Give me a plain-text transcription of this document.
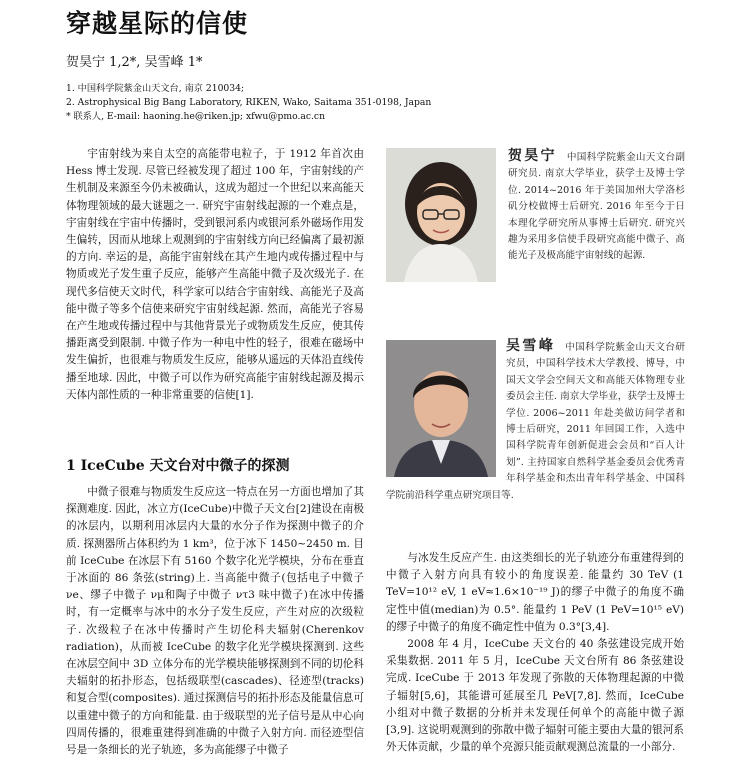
穿越星际的信使
贺昊宁 1,2*, 吴雪峰 1*
1. 中国科学院紫金山天文台, 南京 210034;
2. Astrophysical Big Bang Laboratory, RIKEN, Wako, Saitama 351-0198, Japan
* 联系人, E-mail: haoning.he@riken.jp; xfwu@pmo.ac.cn

宇宙射线为来自太空的高能带电粒子，于 1912 年首次由 Hess 博士发现. 尽管已经被发现了超过 100 年，宇宙射线的产生机制及来源至今仍未被确认，这成为超过一个世纪以来高能天体物理领域的最大谜题之一. 研究宇宙射线起源的一个难点是，宇宙射线在宇宙中传播时，受到银河系内或银河系外磁场作用发生偏转，因而从地球上观测到的宇宙射线方向已经偏离了最初源的方向. 幸运的是，高能宇宙射线在其产生地内或传播过程中与物质或光子发生重子反应，能够产生高能中微子及次级光子. 在现代多信使天文时代，科学家可以结合宇宙射线、高能光子及高能中微子等多个信使来研究宇宙射线起源. 然而，高能光子容易在产生地或传播过程中与其他背景光子或物质发生反应，使其传播距离受到限制. 中微子作为一种电中性的轻子，很难在磁场中发生偏折，也很难与物质发生反应，能够从遥远的天体沿直线传播至地球. 因此，中微子可以作为研究高能宇宙射线起源及揭示天体内部性质的一种非常重要的信使[1].

1 IceCube 天文台对中微子的探测

中微子很难与物质发生反应这一特点在另一方面也增加了其探测难度. 因此，冰立方(IceCube)中微子天文台[2]建设在南极的冰层内，以期利用冰层内大量的水分子作为探测中微子的介质. 探测器所占体积约为 1 km³，位于冰下 1450~2450 m. 目前 IceCube 在冰层下有 5160 个数字化光学模块，分布在垂直于冰面的 86 条弦(string)上. 当高能中微子(包括电子中微子 νe、缪子中微子 νμ和陶子中微子 ντ3 味中微子)在冰中传播时，有一定概率与冰中的水分子发生反应，产生对应的次级粒子. 次级粒子在冰中传播时产生切伦科夫辐射(Cherenkov radiation)，从而被 IceCube 的数字化光学模块探测到. 这些在冰层空间中 3D 立体分布的光学模块能够探测到不同的切伦科夫辐射的拓扑形态，包括级联型(cascades)、径迹型(tracks)和复合型(composites). 通过探测信号的拓扑形态及能量信息可以重建中微子的方向和能量. 由于级联型的光子信号是从中心向四周传播的，很难重建得到准确的中微子入射方向. 而径迹型信号是一条细长的光子轨迹，多为高能缪子中微子

贺昊宁 中国科学院紫金山天文台副研究员. 南京大学毕业，获学士及博士学位. 2014~2016 年于美国加州大学洛杉矶分校做博士后研究. 2016 年至今于日本理化学研究所从事博士后研究. 研究兴趣为采用多信使手段研究高能中微子、高能光子及极高能宇宙射线的起源.
吴雪峰 中国科学院紫金山天文台研究员，中国科学技术大学教授、博导，中国天文学会空间天文和高能天体物理专业委员会主任. 南京大学毕业，获学士及博士学位. 2006~2011 年赴美做访问学者和博士后研究，2011 年回国工作，入选中国科学院青年创新促进会会员和“百人计划”. 主持国家自然科学基金委员会优秀青年科学基金和杰出青年科学基金、中国科学院前沿科学重点研究项目等.

与冰发生反应产生. 由这类细长的光子轨迹分布重建得到的中微子入射方向具有较小的角度误差. 能量约 30 TeV (1 TeV=10¹² eV, 1 eV≈1.6×10⁻¹⁹ J)的缪子中微子的角度不确定性中值(median)为 0.5°. 能量约 1 PeV (1 PeV=10¹⁵ eV)的缪子中微子的角度不确定性中值为 0.3°[3,4].

2008 年 4 月，IceCube 天文台的 40 条弦建设完成开始采集数据. 2011 年 5 月，IceCube 天文台所有 86 条弦建设完成. IceCube 于 2013 年发现了弥散的天体物理起源的中微子辐射[5,6]，其能谱可延展至几 PeV[7,8]. 然而，IceCube 小组对中微子数据的分析并未发现任何单个的高能中微子源[3,9]. 这说明观测到的弥散中微子辐射可能主要由大量的银河系外天体贡献，少量的单个亮源只能贡献观测总流量的一小部分.
